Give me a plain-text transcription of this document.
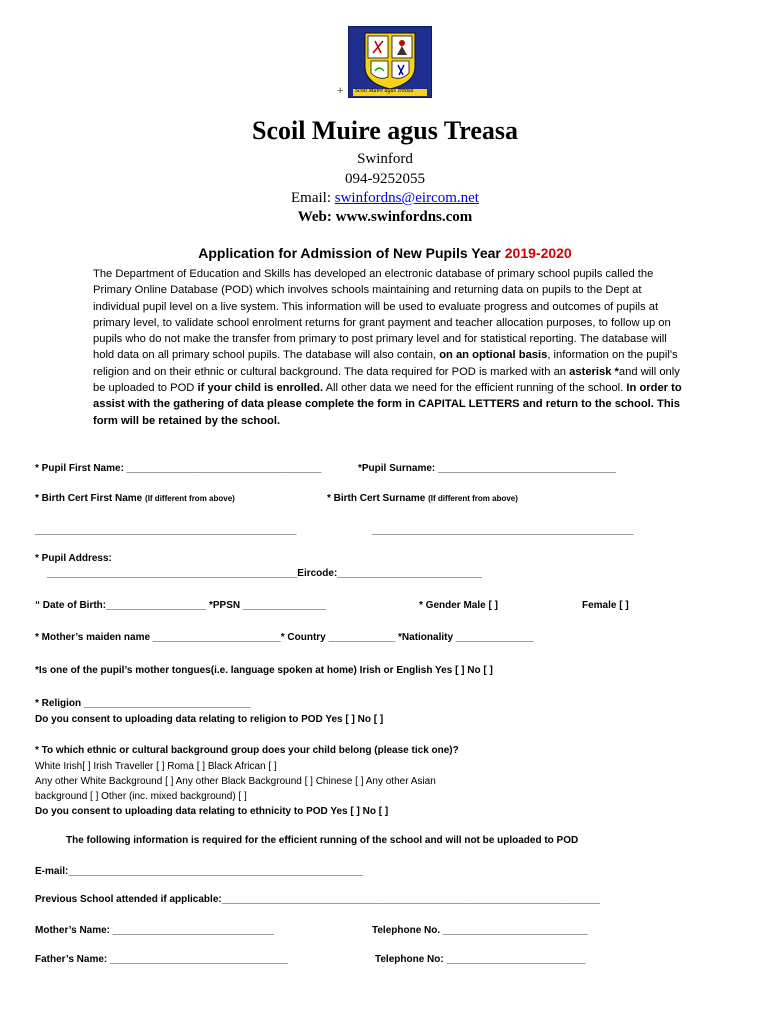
Scoil Muire agus Treasa
+
Scoil Muire agus Treasa
Swinford
094-9252055
Email: swinfordns@eircom.net
Web: www.swinfordns.com
Application for Admission of New Pupils Year 2019-2020

The Department of Education and Skills has developed an electronic database of primary school pupils called the Primary Online Database (POD) which involves schools maintaining and returning data on pupils to the Dept at individual pupil level on a live system. This information will be used to evaluate progress and outcomes of pupils at primary level, to validate school enrolment returns for grant payment and teacher allocation purposes, to follow up on pupils who do not make the transfer from primary to post primary level and for statistical reporting. The database will hold data on all primary school pupils. The database will also contain, on an optional basis, information on the pupil's religion and on their ethnic or cultural background. The data required for POD is marked with an asterisk *and will only be uploaded to POD if your child is enrolled. All other data we need for the efficient running of the school. In order to assist with the gathering of data please complete the form in CAPITAL LETTERS and return to the school. This form will be retained by the school.

* Pupil First Name: ___________________________________	*Pupil Surname: ________________________________
* Birth Cert First Name (If different from above)	* Birth Cert Surname (If different from above)
_______________________________________________	_______________________________________________
* Pupil Address:
_____________________________________________Eircode:__________________________
“ Date of Birth:__________________ *PPSN _______________	* Gender Male [ ]	Female [ ]
* Mother’s maiden name _______________________* Country ____________ *Nationality ______________
*Is one of the pupil’s mother tongues(i.e. language spoken at home) Irish or English Yes [ ] No [ ]
* Religion ______________________________
Do you consent to uploading data relating to religion to POD Yes [ ] No [ ]
* To which ethnic or cultural background group does your child belong (please tick one)?
White Irish[ ] Irish Traveller [ ] Roma [ ] Black African [ ]
Any other White Background [ ] Any other Black Background [ ] Chinese [ ] Any other Asian
background [ ] Other (inc. mixed background) [ ]
Do you consent to uploading data relating to ethnicity to POD Yes [ ] No [ ]
The following information is required for the efficient running of the school and will not be uploaded to POD
E-mail:_____________________________________________________
Previous School attended if applicable:____________________________________________________________________
Mother’s Name: _____________________________	Telephone No. __________________________
Father’s Name: ________________________________	Telephone No: _________________________
